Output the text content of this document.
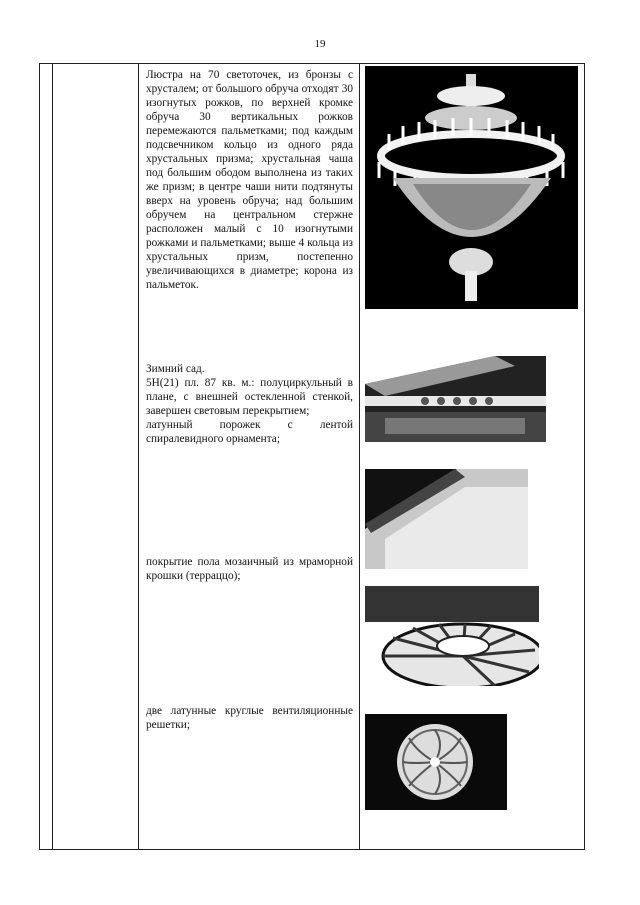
19

Люстра на 70 светоточек, из бронзы с хрусталем; от большого обруча отходят 30 изогнутых рожков, по верхней кромке обруча 30 вертикальных рожков перемежаются пальметками; под каждым подсвечником кольцо из одного ряда хрустальных призма; хрустальная чаша под большим ободом выполнена из таких же призм; в центре чаши нити подтянуты вверх на уровень обруча; над большим обручем на центральном стержне расположен малый с 10 изогнутыми рожками и пальметками; выше 4 кольца из хрустальных призм, постепенно увеличивающихся в диаметре; корона из пальметок.

Зимний сад.

5Н(21) пл. 87 кв. м.: полуциркульный в плане, с внешней остекленной стенкой, завершен световым перекрытием;

латунный порожек с лентой спиралевидного орнамента;

покрытие пола мозаичный из мраморной крошки (терраццо);

две латунные круглые вентиляционные решетки;
